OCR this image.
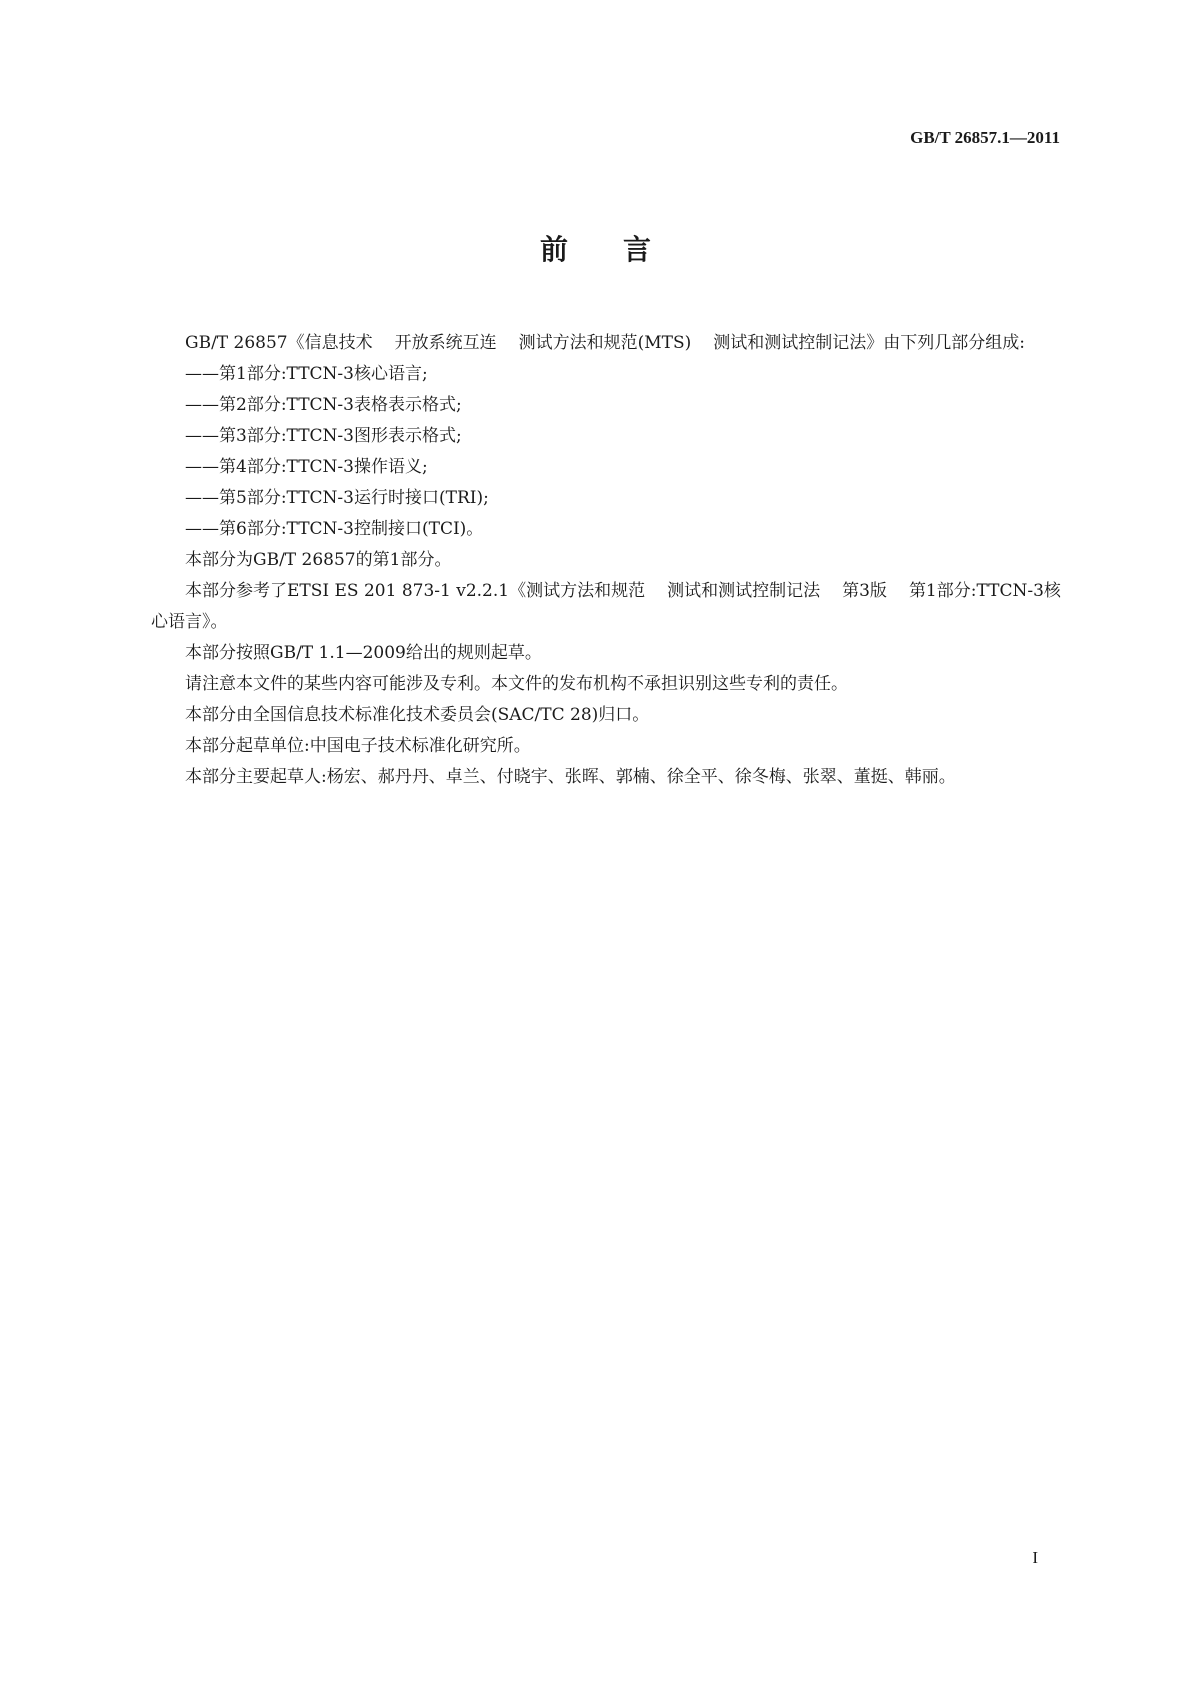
GB/T 26857.1—2011
前 言

GB/T 26857《信息技术 开放系统互连 测试方法和规范(MTS) 测试和测试控制记法》由下列几部分组成:

——第1部分:TTCN-3核心语言;

——第2部分:TTCN-3表格表示格式;

——第3部分:TTCN-3图形表示格式;

——第4部分:TTCN-3操作语义;

——第5部分:TTCN-3运行时接口(TRI);

——第6部分:TTCN-3控制接口(TCI)。

本部分为GB/T 26857的第1部分。

本部分参考了ETSI ES 201 873-1 v2.2.1《测试方法和规范 测试和测试控制记法 第3版 第1部分:TTCN-3核心语言》。

本部分按照GB/T 1.1—2009给出的规则起草。

请注意本文件的某些内容可能涉及专利。本文件的发布机构不承担识别这些专利的责任。

本部分由全国信息技术标准化技术委员会(SAC/TC 28)归口。

本部分起草单位:中国电子技术标准化研究所。

本部分主要起草人:杨宏、郝丹丹、卓兰、付晓宇、张晖、郭楠、徐全平、徐冬梅、张翠、董挺、韩丽。

I
